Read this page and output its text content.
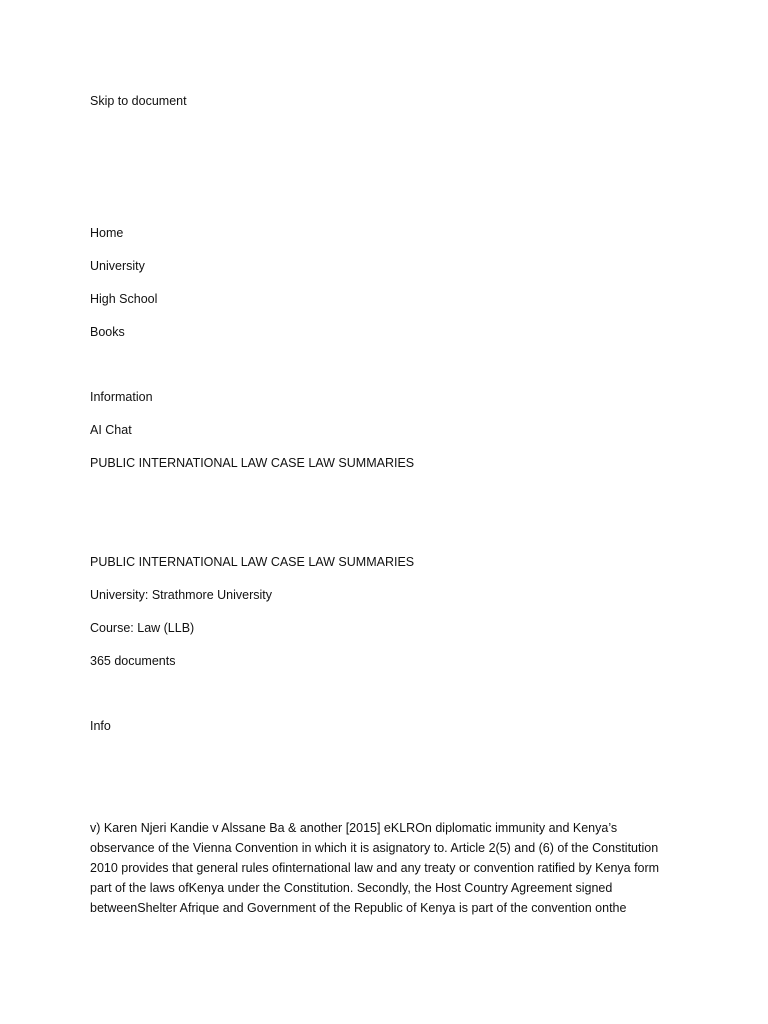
Skip to document
Home
University
High School
Books
Information
AI Chat
PUBLIC INTERNATIONAL LAW CASE LAW SUMMARIES
PUBLIC INTERNATIONAL LAW CASE LAW SUMMARIES
University: Strathmore University
Course: Law (LLB)
365 documents
Info
v) Karen Njeri Kandie v Alssane Ba & another [2015] eKLROn diplomatic immunity and Kenya’s
observance of the Vienna Convention in which it is asignatory to. Article 2(5) and (6) of the Constitution
2010 provides that general rules ofinternational law and any treaty or convention ratified by Kenya form
part of the laws ofKenya under the Constitution. Secondly, the Host Country Agreement signed
betweenShelter Afrique and Government of the Republic of Kenya is part of the convention onthe
